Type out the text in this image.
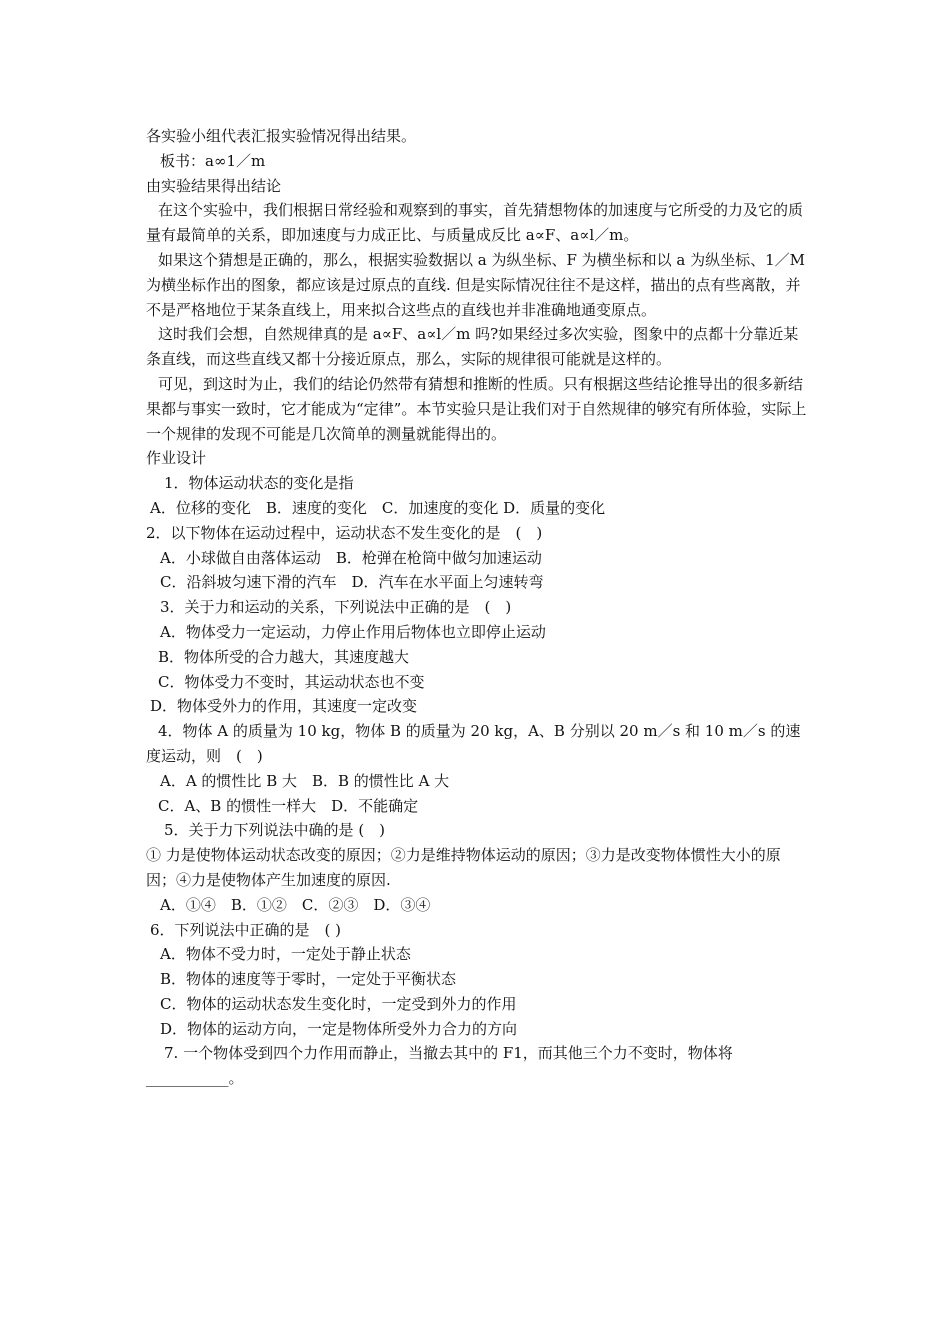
各实验小组代表汇报实验情况得出结果。
板书：a∞1／m
由实验结果得出结论
在这个实验中，我们根据日常经验和观察到的事实，首先猜想物体的加速度与它所受的力及它的质量有最简单的关系，即加速度与力成正比、与质量成反比 a∝F、a∝l／m。
如果这个猜想是正确的，那么，根据实验数据以 a 为纵坐标、F 为横坐标和以 a 为纵坐标、1／M 为横坐标作出的图象，都应该是过原点的直线. 但是实际情况往往不是这样，描出的点有些离散，并不是严格地位于某条直线上，用来拟合这些点的直线也并非准确地通变原点。
这时我们会想，自然规律真的是 a∝F、a∝l／m 吗?如果经过多次实验，图象中的点都十分靠近某条直线，而这些直线又都十分接近原点，那么，实际的规律很可能就是这样的。
可见，到这时为止，我们的结论仍然带有猜想和推断的性质。只有根据这些结论推导出的很多新结果都与事实一致时，它才能成为“定律”。本节实验只是让我们对于自然规律的够究有所体验，实际上一个规律的发现不可能是几次简单的测量就能得出的。
作业设计
1．物体运动状态的变化是指
A．位移的变化　B．速度的变化　C．加速度的变化 D．质量的变化
2．以下物体在运动过程中，运动状态不发生变化的是　(　)
A．小球做自由落体运动　B．枪弹在枪筒中做匀加速运动
C．沿斜坡匀速下滑的汽车　D．汽车在水平面上匀速转弯
3．关于力和运动的关系，下列说法中正确的是　(　)
A．物体受力一定运动，力停止作用后物体也立即停止运动
B．物体所受的合力越大，其速度越大
C．物体受力不变时，其运动状态也不变
D．物体受外力的作用，其速度一定改变
4．物体 A 的质量为 10 kg，物体 B 的质量为 20 kg，A、B 分别以 20 m／s 和 10 m／s 的速度运动，则　(　)
A．A 的惯性比 B 大　B．B 的惯性比 A 大
C．A、B 的惯性一样大　D．不能确定
5．关于力下列说法中确的是 (　)
① 力是使物体运动状态改变的原因；②力是维持物体运动的原因；③力是改变物体惯性大小的原因；④力是使物体产生加速度的原因.
A．①④　B．①②　C．②③　D．③④
6．下列说法中正确的是　( )
A．物体不受力时，一定处于静止状态
B．物体的速度等于零时，一定处于平衡状态
C．物体的运动状态发生变化时，一定受到外力的作用
D．物体的运动方向，一定是物体所受外力合力的方向
7. 一个物体受到四个力作用而静止，当撤去其中的 F1，而其他三个力不变时，物体将___________。
